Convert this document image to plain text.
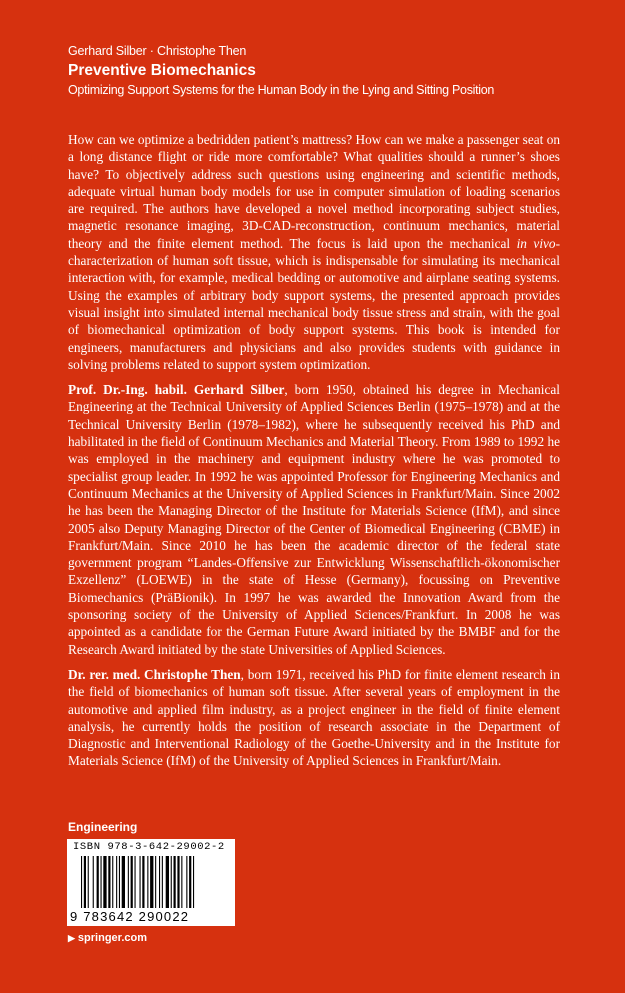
Gerhard Silber · Christophe Then
Preventive Biomechanics
Optimizing Support Systems for the Human Body in the Lying and Sitting Position

How can we optimize a bedridden patient’s mattress? How can we make a passenger seat on a long distance flight or ride more comfortable? What qualities should a runner’s shoes have? To objectively address such questions using engineering and scientific methods, adequate virtual human body models for use in computer simulation of loading scenarios are required. The authors have developed a novel method incorporating subject studies, magnetic resonance imaging, 3D-CAD-reconstruction, continuum mechanics, material theory and the finite element method. The focus is laid upon the mechanical in vivo-characterization of human soft tissue, which is indispensable for simulating its mechanical interaction with, for example, medical bedding or automotive and airplane seating systems. Using the examples of arbitrary body support systems, the presented approach provides visual insight into simulated internal mechanical body tissue stress and strain, with the goal of biomechanical optimization of body support systems. This book is intended for engineers, manufacturers and physicians and also provides students with guidance in solving problems related to support system optimization.

Prof. Dr.-Ing. habil. Gerhard Silber, born 1950, obtained his degree in Mechanical Engineering at the Technical University of Applied Sciences Berlin (1975–1978) and at the Technical University Berlin (1978–1982), where he subsequently received his PhD and habilitated in the field of Continuum Mechanics and Material Theory. From 1989 to 1992 he was employed in the machinery and equipment industry where he was promoted to specialist group leader. In 1992 he was appointed Professor for Engineering Mechanics and Continuum Mechanics at the University of Applied Sciences in Frankfurt/Main. Since 2002 he has been the Managing Director of the Institute for Materials Science (IfM), and since 2005 also Deputy Managing Director of the Center of Biomedical Engineering (CBME) in Frankfurt/Main. Since 2010 he has been the academic director of the federal state government program “Landes-Offensive zur Entwicklung Wissenschaftlich-ökonomischer Exzellenz” (LOEWE) in the state of Hesse (Germany), focussing on Preventive Biomechanics (PräBionik). In 1997 he was awarded the Innovation Award from the sponsoring society of the University of Applied Sciences/Frankfurt. In 2008 he was appointed as a candidate for the German Future Award initiated by the BMBF and for the Research Award initiated by the state Universities of Applied Sciences.

Dr. rer. med. Christophe Then, born 1971, received his PhD for finite element research in the field of biomechanics of human soft tissue. After several years of employment in the automotive and applied film industry, as a project engineer in the field of finite element analysis, he currently holds the position of research associate in the Department of Diagnostic and Interventional Radiology of the Goethe-University and in the Institute for Materials Science (IfM) of the University of Applied Sciences in Frankfurt/Main.

Engineering
ISBN 978-3-642-29002-2
9 783642 290022
▶ springer.com
